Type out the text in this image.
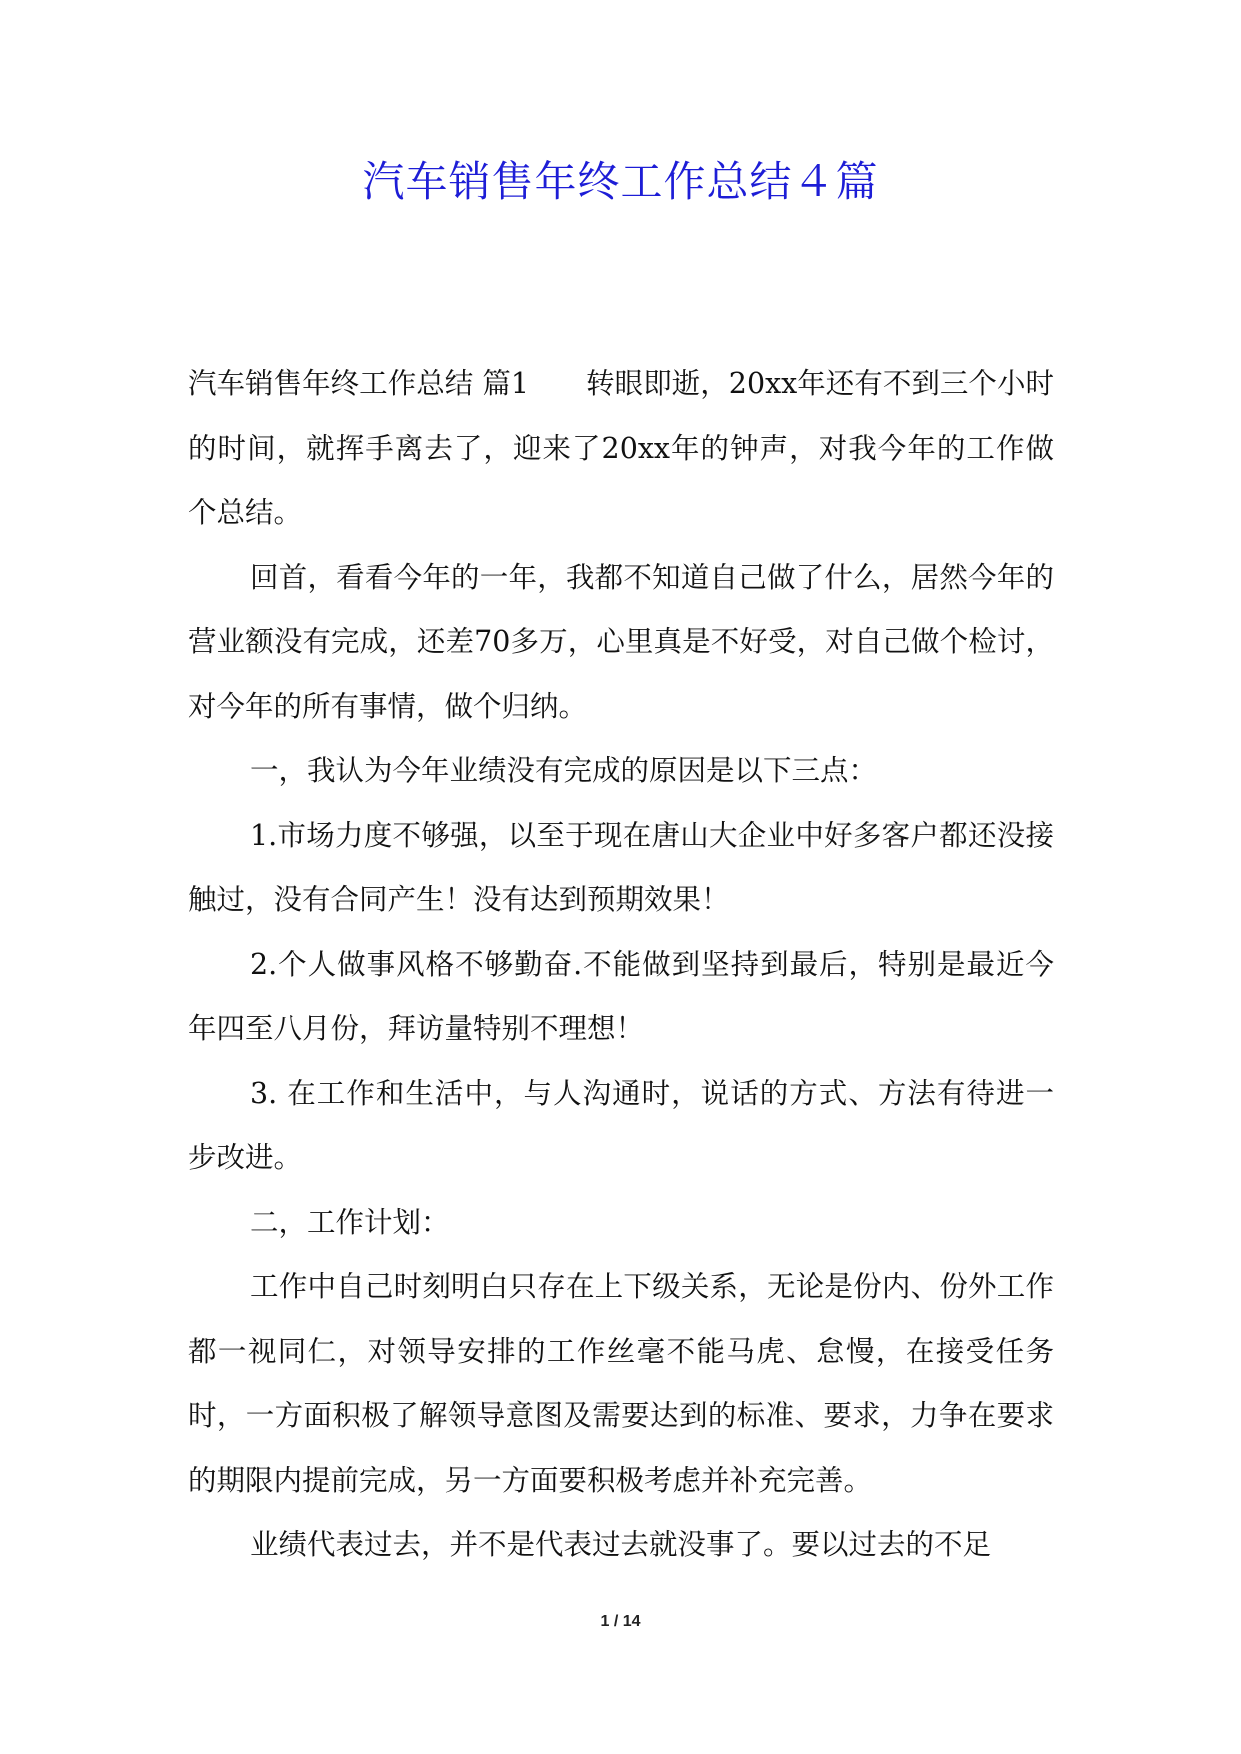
汽车销售年终工作总结４篇

汽车销售年终工作总结 篇1　　转眼即逝，20xx年还有不到三个小时的时间，就挥手离去了，迎来了20xx年的钟声，对我今年的工作做个总结。

回首，看看今年的一年，我都不知道自己做了什么，居然今年的营业额没有完成，还差70多万，心里真是不好受，对自己做个检讨，对今年的所有事情，做个归纳。

一，我认为今年业绩没有完成的原因是以下三点：

1.市场力度不够强，以至于现在唐山大企业中好多客户都还没接触过，没有合同产生！没有达到预期效果！

2.个人做事风格不够勤奋.不能做到坚持到最后，特别是最近今年四至八月份，拜访量特别不理想！

3. 在工作和生活中，与人沟通时，说话的方式、方法有待进一步改进。

二，工作计划：

工作中自己时刻明白只存在上下级关系，无论是份内、份外工作都一视同仁，对领导安排的工作丝毫不能马虎、怠慢，在接受任务时，一方面积极了解领导意图及需要达到的标准、要求，力争在要求的期限内提前完成，另一方面要积极考虑并补充完善。

业绩代表过去，并不是代表过去就没事了。要以过去的不足

1 / 14
